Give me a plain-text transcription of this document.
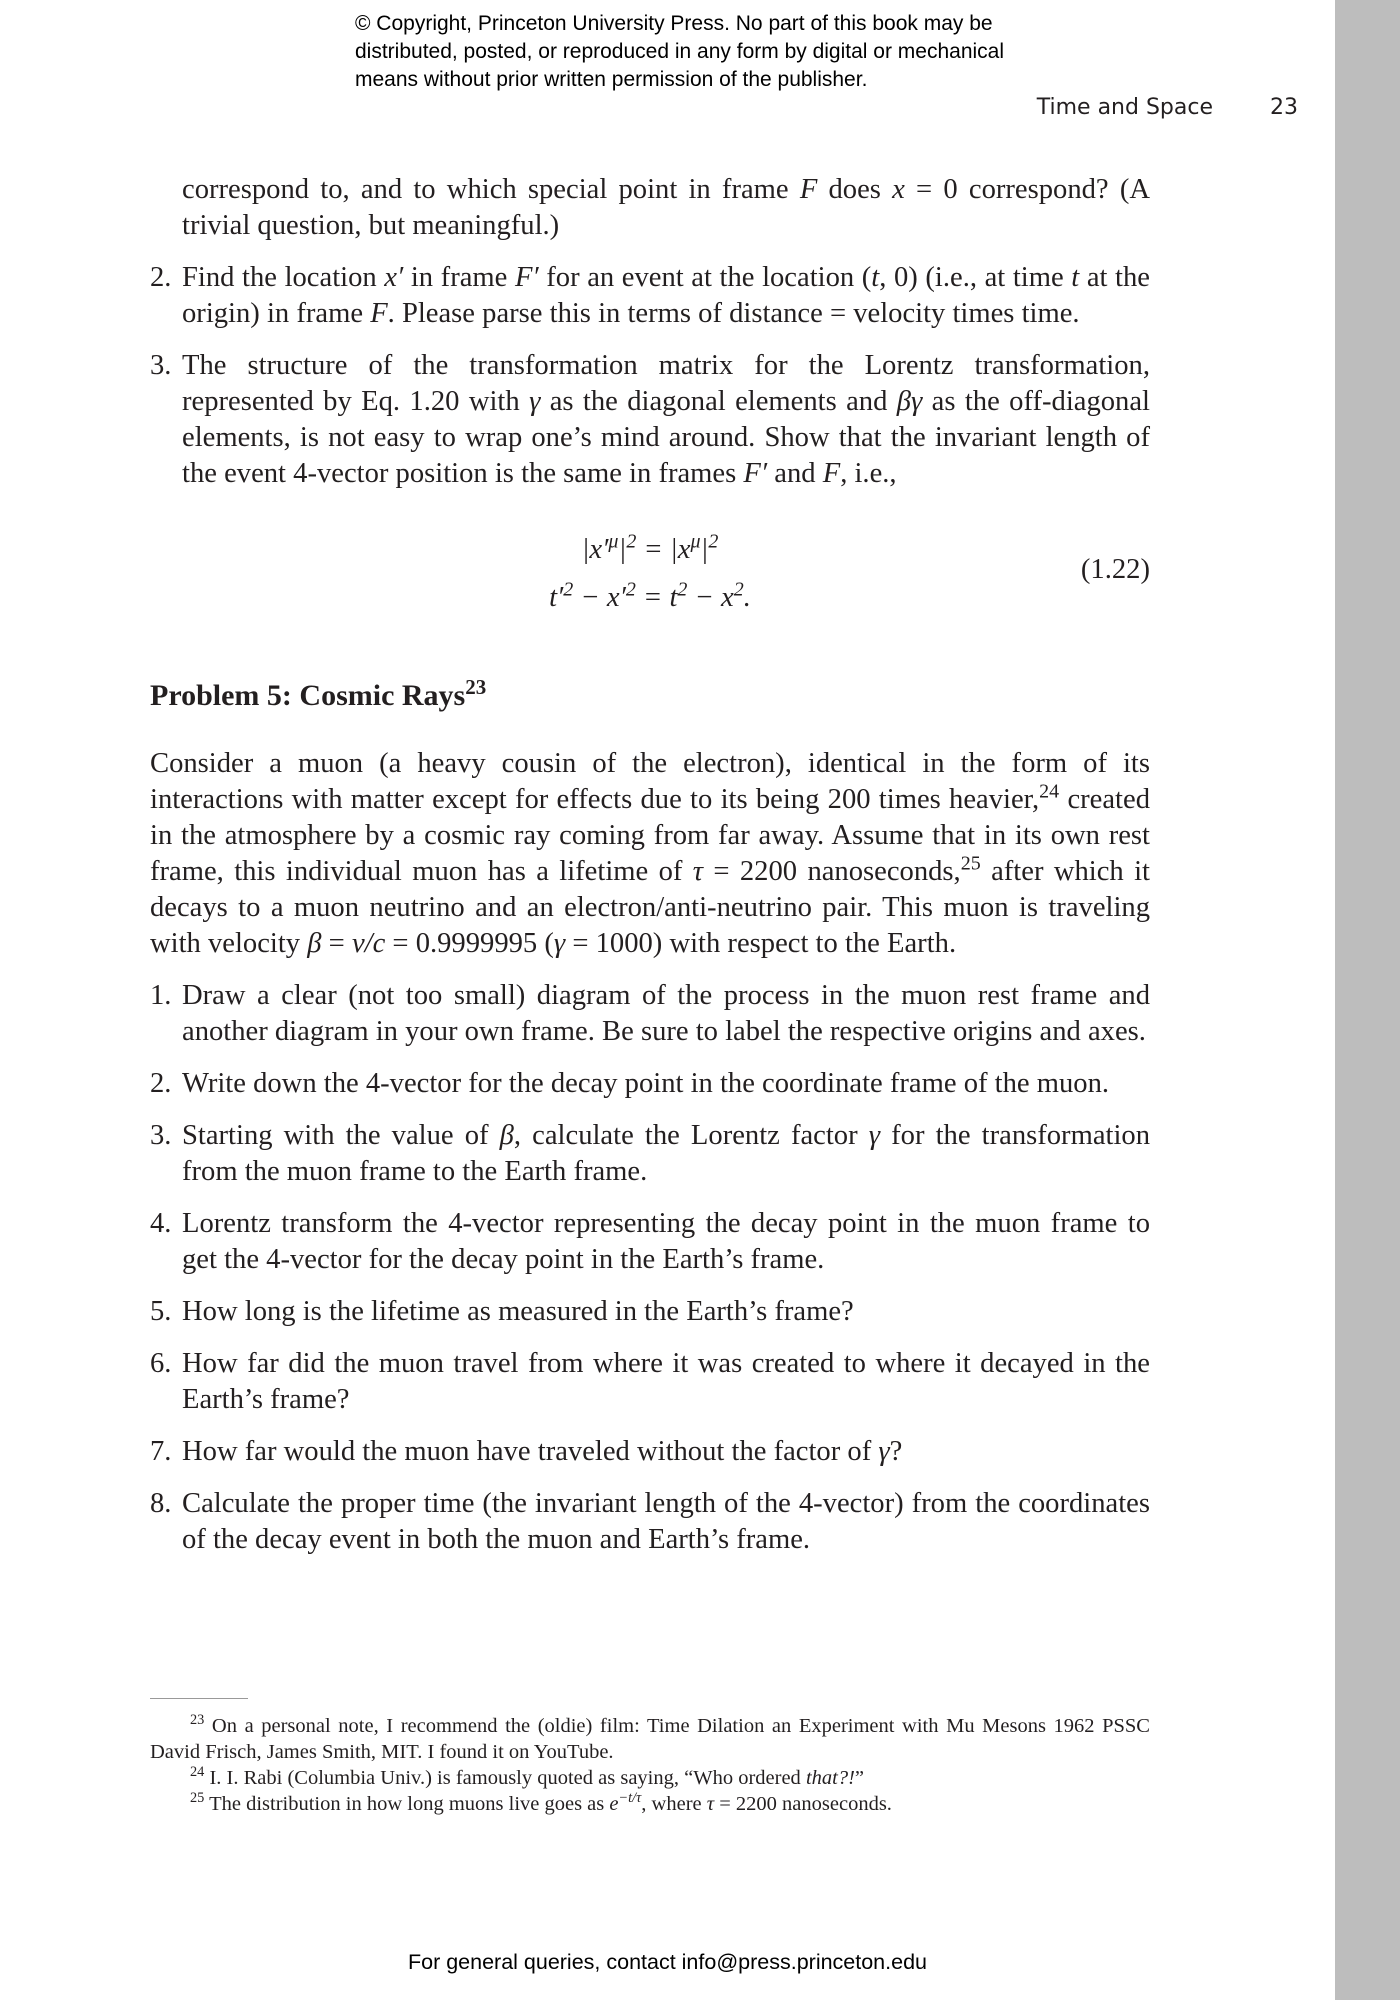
© Copyright, Princeton University Press. No part of this book may be
distributed, posted, or reproduced in any form by digital or mechanical
means without prior written permission of the publisher.
Time and Space	23

correspond to, and to which special point in frame F does x = 0 correspond? (A trivial question, but meaningful.)

2. Find the location x′ in frame F′ for an event at the location (t, 0) (i.e., at time t at the origin) in frame F. Please parse this in terms of distance = velocity times time.
3. The structure of the transformation matrix for the Lorentz transformation, represented by Eq. 1.20 with γ as the diagonal elements and βγ as the off-diagonal elements, is not easy to wrap one’s mind around. Show that the invariant length of the event 4-vector position is the same in frames F′ and F, i.e.,
$|x'^\mu|^2 = |x^\mu|^2$
$t'^2 - x'^2 = t^2 - x^2$.
(1.22)
Problem 5: Cosmic Rays$^{23}$

Consider a muon (a heavy cousin of the electron), identical in the form of its interactions with matter except for effects due to its being 200 times heavier,$^{24}$ created in the atmosphere by a cosmic ray coming from far away. Assume that in its own rest frame, this individual muon has a lifetime of τ = 2200 nanoseconds,$^{25}$ after which it decays to a muon neutrino and an electron/anti-neutrino pair. This muon is traveling with velocity β = v/c = 0.9999995 (γ = 1000) with respect to the Earth.

1. Draw a clear (not too small) diagram of the process in the muon rest frame and another diagram in your own frame. Be sure to label the respective origins and axes.
2. Write down the 4-vector for the decay point in the coordinate frame of the muon.
3. Starting with the value of β, calculate the Lorentz factor γ for the transformation from the muon frame to the Earth frame.
4. Lorentz transform the 4-vector representing the decay point in the muon frame to get the 4-vector for the decay point in the Earth’s frame.
5. How long is the lifetime as measured in the Earth’s frame?
6. How far did the muon travel from where it was created to where it decayed in the Earth’s frame?
7. How far would the muon have traveled without the factor of γ?
8. Calculate the proper time (the invariant length of the 4-vector) from the coordinates of the decay event in both the muon and Earth’s frame.

$^{23}$ On a personal note, I recommend the (oldie) film: Time Dilation an Experiment with Mu Mesons 1962 PSSC David Frisch, James Smith, MIT. I found it on YouTube.

$^{24}$ I. I. Rabi (Columbia Univ.) is famously quoted as saying, “Who ordered that?!”

$^{25}$ The distribution in how long muons live goes as $e^{-t/\tau}$, where τ = 2200 nanoseconds.

For general queries, contact info@press.princeton.edu
